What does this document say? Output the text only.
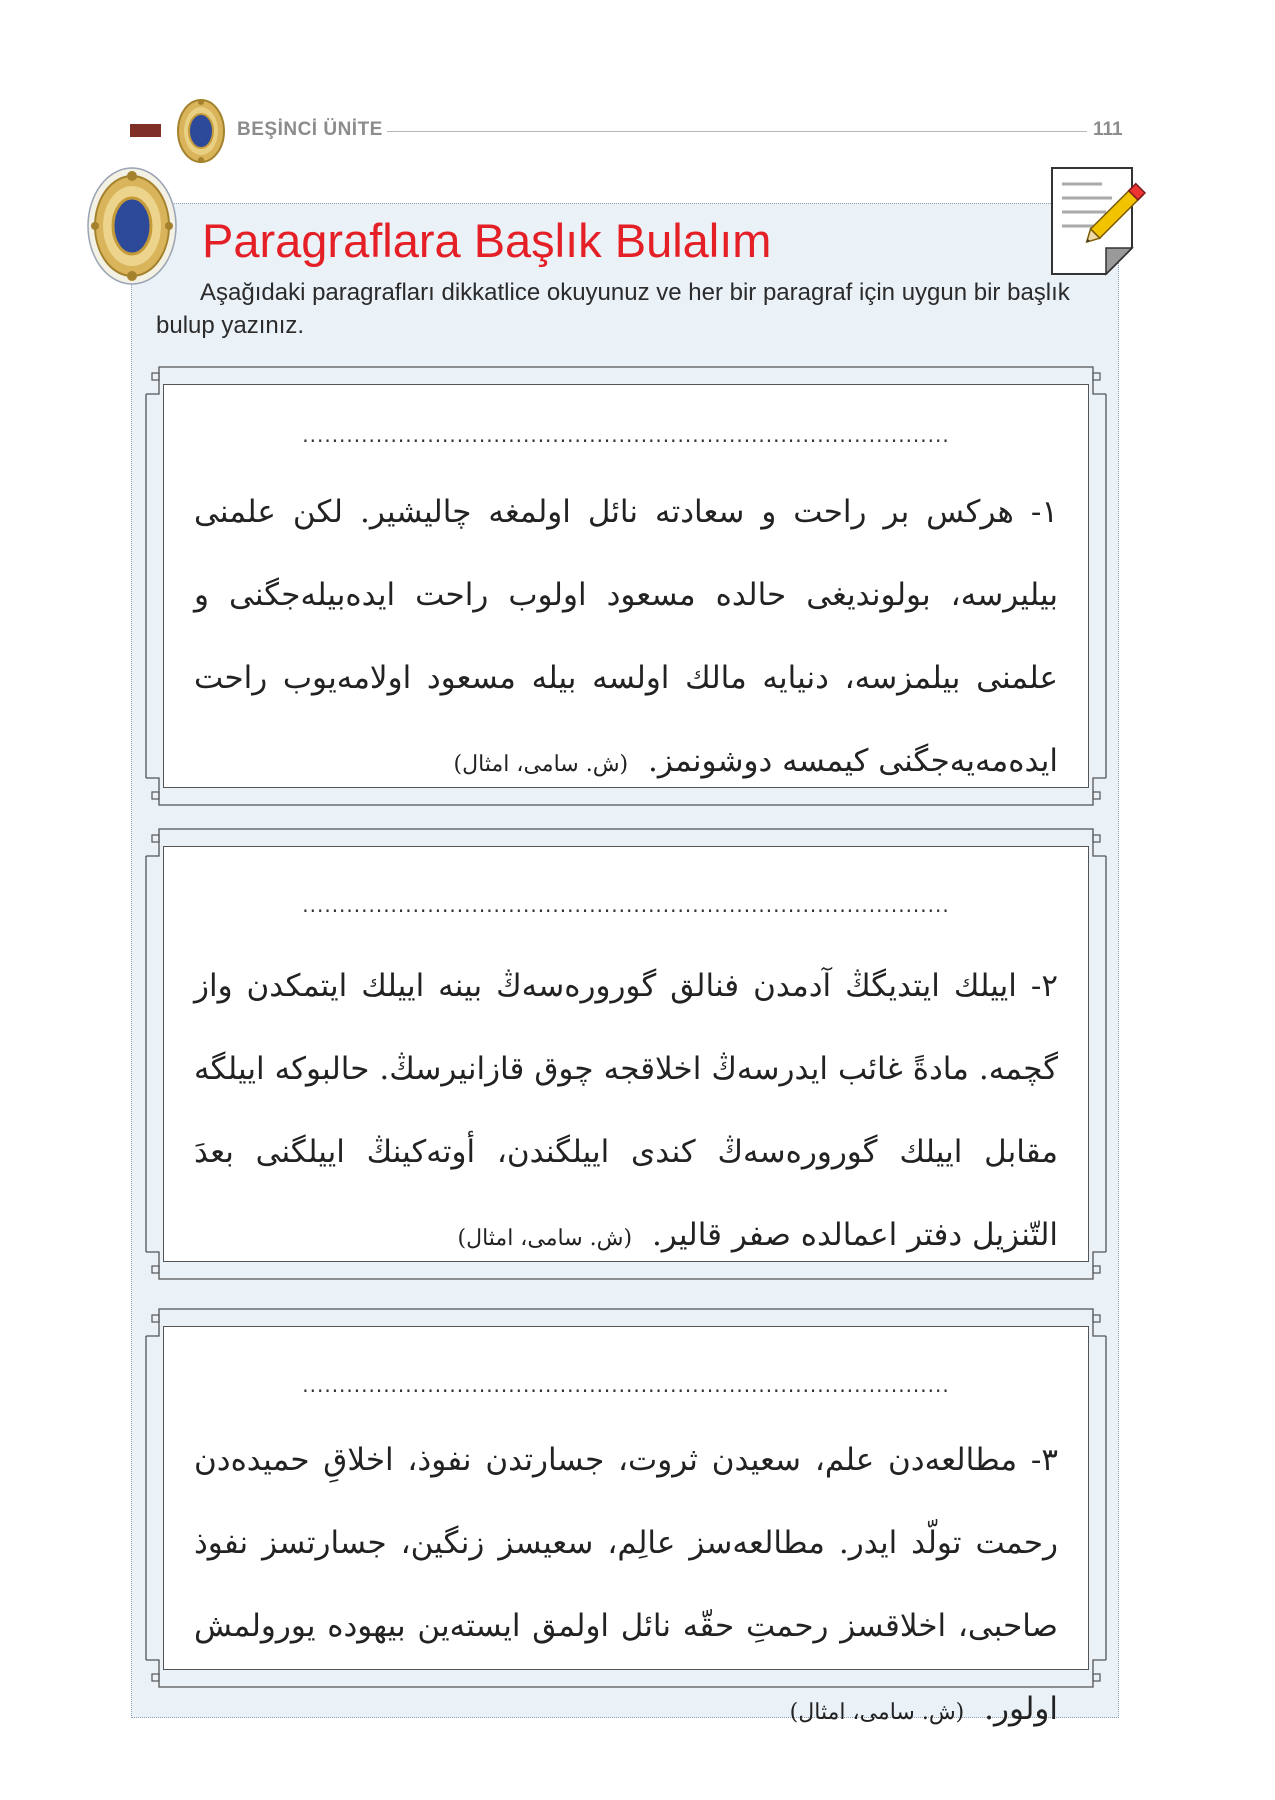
BEŞİNCİ ÜNİTE	111
Paragraflara Başlık Bulalım
Aşağıdaki paragrafları dikkatlice okuyunuz ve her bir paragraf için uygun bir başlık bulup yazınız.
........................................................................................
١- هركس بر راحت و سعادته نائل اولمغه چاليشير. لكن علمنى بيليرسه، بولونديغى حالده مسعود اولوب راحت ايده‌بيله‌جگنى و علمنى بيلمزسه، دنيايه مالك اولسه بيله مسعود اولامه‌يوب راحت ايده‌مه‌يه‌جگنى كيمسه دوشونمز. (ش. سامى، امثال)
........................................................................................
٢- اييلك ايتديگڭ آدمدن فنالق گوروره‌سه‌ڭ بينه اييلك ايتمكدن واز گچمه. مادةً غائب ايدرسه‌ڭ اخلاقجه چوق قازانيرسڭ. حالبوكه اييلگه مقابل اييلك گوروره‌سه‌ڭ كندى اييلگندن، أوته‌كينڭ اييلگنى بعدَ التّنزيل دفتر اعمالده صفر قالير. (ش. سامى، امثال)
........................................................................................
٣- مطالعه‌دن علم، سعيدن ثروت، جسارتدن نفوذ، اخلاقِ حميده‌دن رحمت تولّد ايدر. مطالعه‌سز عالِم، سعيسز زنگين، جسارتسز نفوذ صاحبى، اخلاقسز رحمتِ حقّه نائل اولمق ايسته‌ين بيهوده يورولمش اولور. (ش. سامى، امثال)
